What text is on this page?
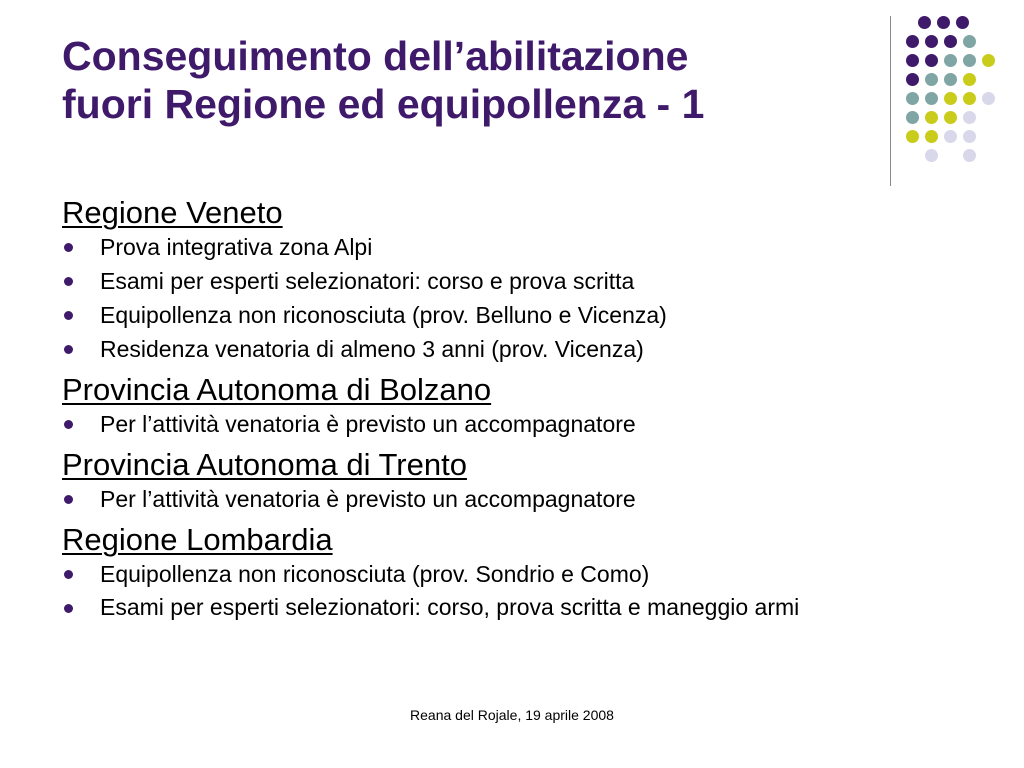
Conseguimento dell’abilitazione
fuori Regione ed equipollenza - 1
Regione Veneto
Prova integrativa zona Alpi
Esami per esperti selezionatori: corso e prova scritta
Equipollenza non riconosciuta (prov. Belluno e Vicenza)
Residenza venatoria di almeno 3 anni (prov. Vicenza)
Provincia Autonoma di Bolzano
Per l’attività venatoria è previsto un accompagnatore
Provincia Autonoma di Trento
Per l’attività venatoria è previsto un accompagnatore
Regione Lombardia
Equipollenza non riconosciuta (prov. Sondrio e Como)
Esami per esperti selezionatori: corso, prova scritta e maneggio armi
Reana del Rojale, 19 aprile 2008
